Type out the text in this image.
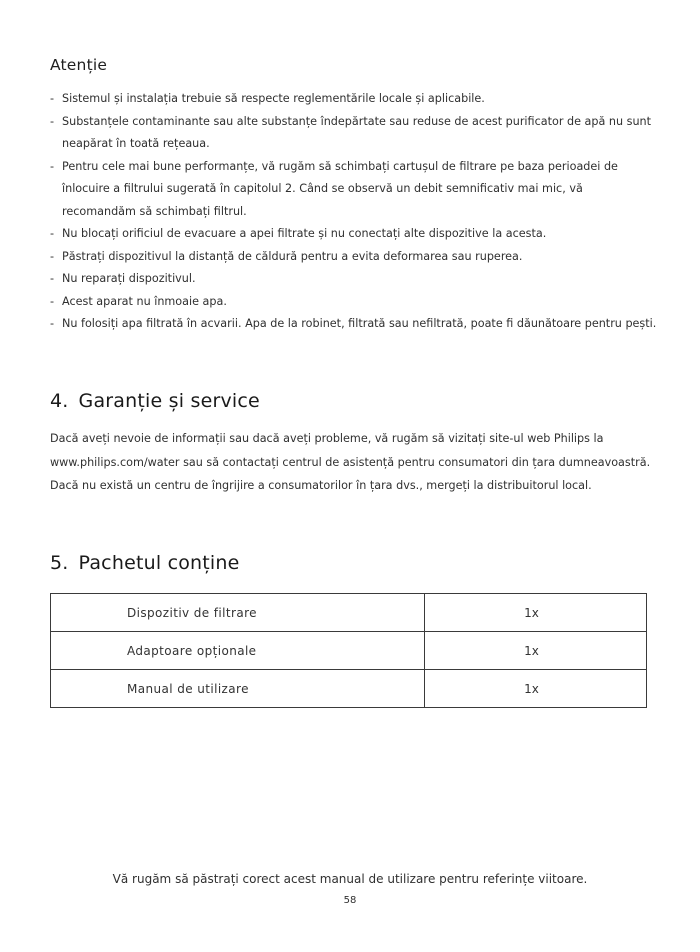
Atenție
- Sistemul și instalația trebuie să respecte reglementările locale și aplicabile.
- Substanțele contaminante sau alte substanțe îndepărtate sau reduse de acest purificator de apă nu sunt neapărat în toată rețeaua.
- Pentru cele mai bune performanțe, vă rugăm să schimbați cartușul de filtrare pe baza perioadei de înlocuire a filtrului sugerată în capitolul 2. Când se observă un debit semnificativ mai mic, vă recomandăm să schimbați filtrul.
- Nu blocați orificiul de evacuare a apei filtrate și nu conectați alte dispozitive la acesta.
- Păstrați dispozitivul la distanță de căldură pentru a evita deformarea sau ruperea.
- Nu reparați dispozitivul.
- Acest aparat nu înmoaie apa.
- Nu folosiți apa filtrată în acvarii. Apa de la robinet, filtrată sau nefiltrată, poate fi dăunătoare pentru pești.
4. Garanție și service
Dacă aveți nevoie de informații sau dacă aveți probleme, vă rugăm să vizitați site-ul web Philips la www.philips.com/water sau să contactați centrul de asistență pentru consumatori din țara dumneavoastră. Dacă nu există un centru de îngrijire a consumatorilor în țara dvs., mergeți la distribuitorul local.
5. Pachetul conține
Dispozitiv de filtrare	1x
Adaptoare opționale	1x
Manual de utilizare	1x
Vă rugăm să păstrați corect acest manual de utilizare pentru referințe viitoare.
58
